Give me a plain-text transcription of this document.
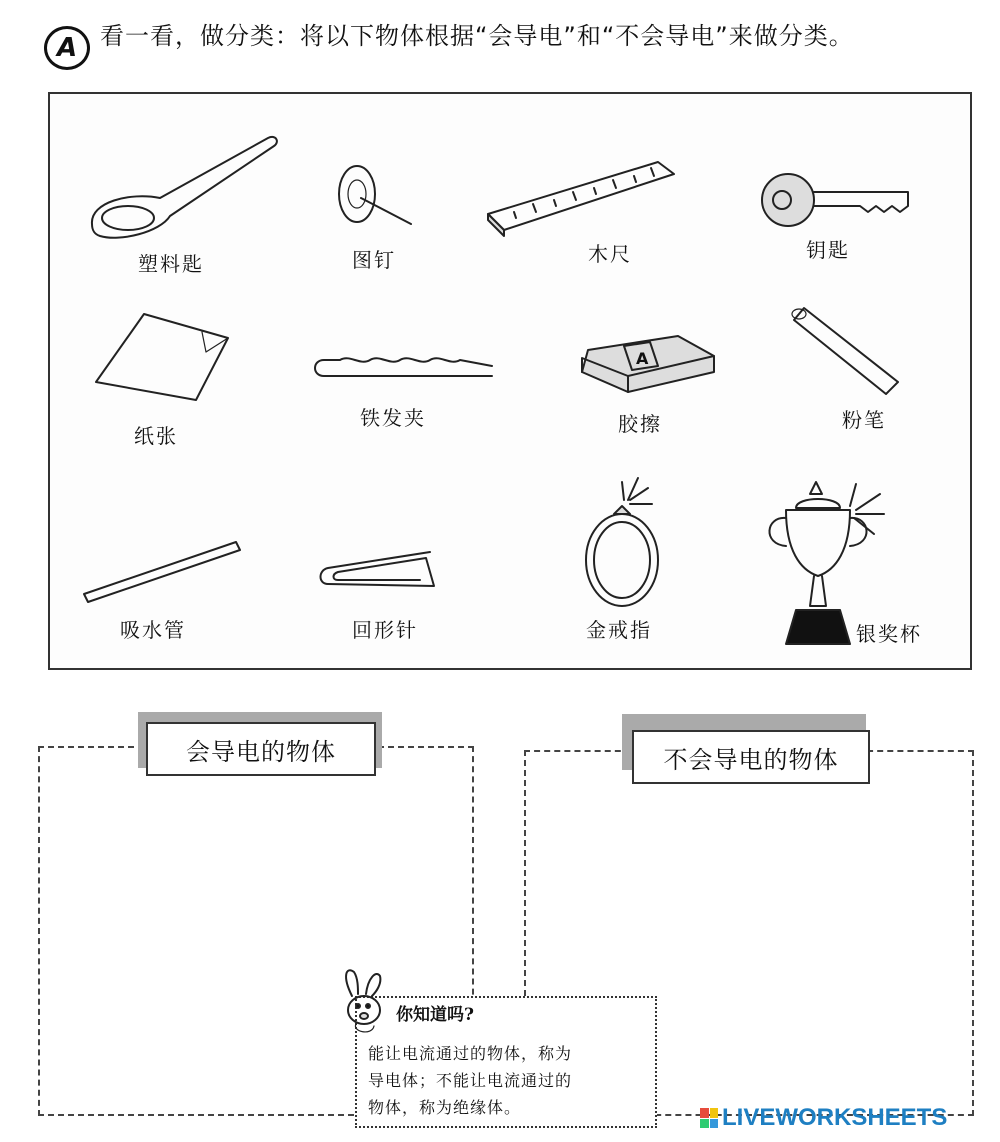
A 看一看，做分类：将以下物体根据“会导电”和“不会导电”来做分类。
塑料匙	图钉	木尺	钥匙
纸张
铁发夹
A
胶擦	粉笔
吸水管	回形针	金戒指	银奖杯
会导电的物体	不会导电的物体
你知道吗?
能让电流通过的物体，称为
导电体；不能让电流通过的
物体，称为绝缘体。	LIVEWORKSHEETS
